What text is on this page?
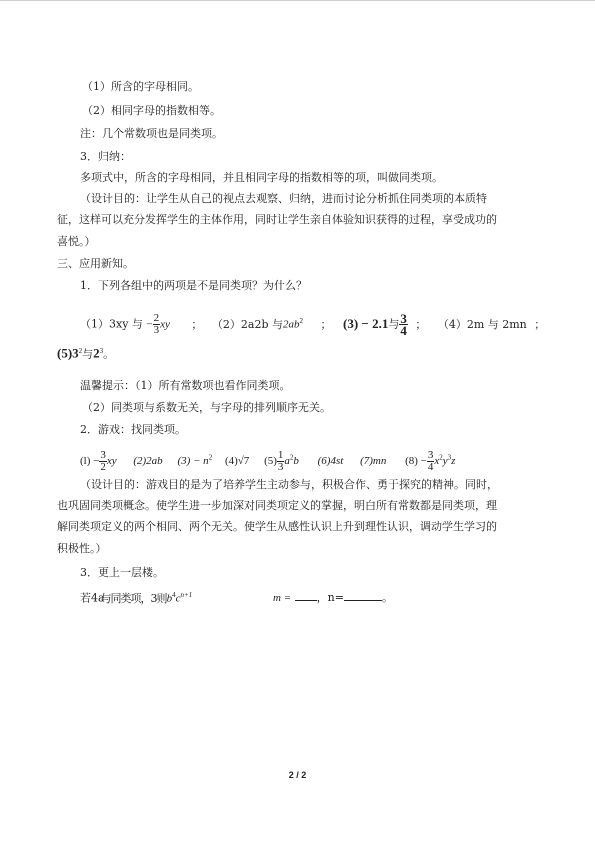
（1）所含的字母相同。
（2）相同字母的指数相等。
注：几个常数项也是同类项。
3．归纳：
多项式中，所含的字母相同，并且相同字母的指数相等的项，叫做同类项。
（设计目的：让学生从自己的视点去观察、归纳，进而讨论分析抓住同类项的本质特
征，这样可以充分发挥学生的主体作用，同时让学生亲自体验知识获得的过程，享受成功的
喜悦。）
三、应用新知。
1．下列各组中的两项是不是同类项？为什么？
（1）3xy 与 − $\frac{2}{3}$ xy ； （2）2a2b 与$2ab^2$ ； (3) − 2.1与 $\frac{3}{4}$ ； （4）2m 与 2mn ；
$(5)3^2$与$2^3$。
温馨提示：（1）所有常数项也看作同类项。
（2）同类项与系数无关，与字母的排列顺序无关。
2．游戏：找同类项。
$(l) - \frac{3}{2}$ xy (2)2ab $(3) - n^2$ (4)√7 $(5) \frac{1}{3} a^2b$ (6)4st (7)mn $(8) - \frac{3}{4} x^2y^3z$
（设计目的：游戏目的是为了培养学生主动参与，积极合作、勇于探究的精神。同时，
也巩固同类项概念。使学生进一步加深对同类项定义的掌握，明白所有常数都是同类项，理
解同类项定义的两个相同、两个无关。使学生从感性认识上升到理性认识，调动学生学习的
积极性。）
3．更上一层楼。
若4a与同类项，3则$b^4c^{n+1}$	m = ，n=	。
2 / 2
